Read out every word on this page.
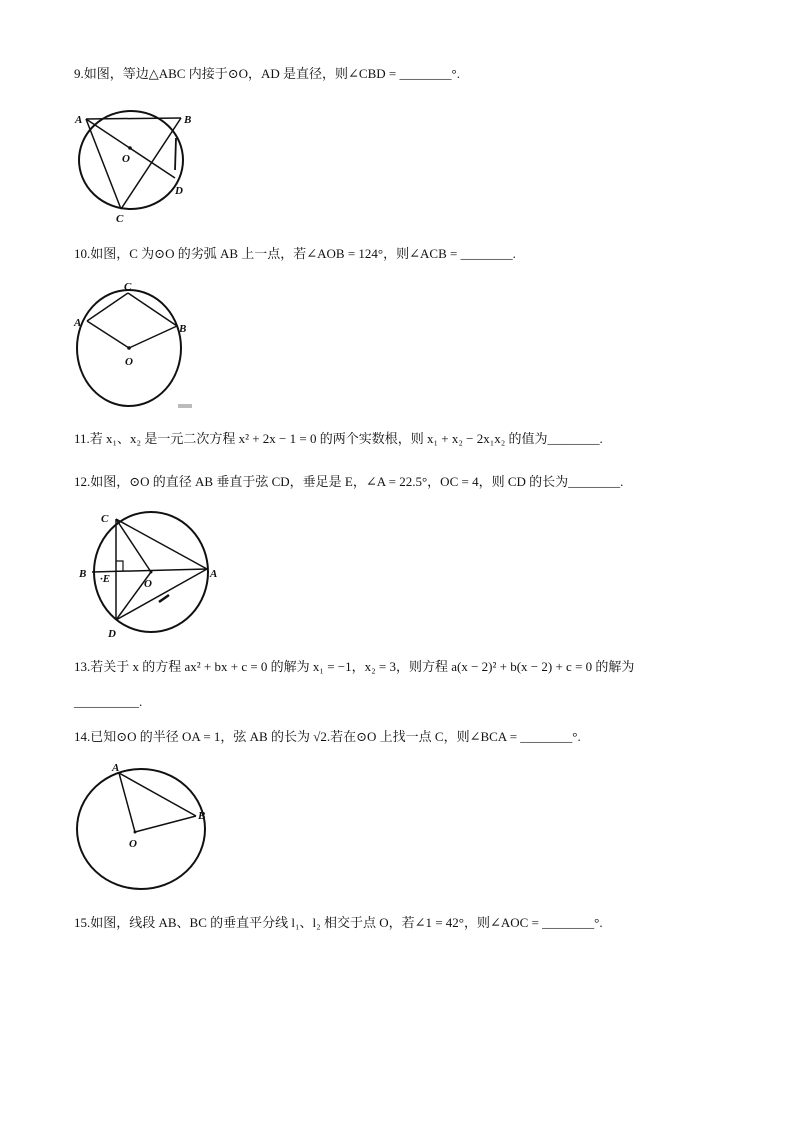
9.如图，等边△ABC 内接于⊙O，AD 是直径，则∠CBD = ________°.
A	B
O
D
C
10.如图，C 为⊙O 的劣弧 AB 上一点，若∠AOB = 124°，则∠ACB = ________.
C
A	B
O
11.若 x₁、x₂ 是一元二次方程 x² + 2x − 1 = 0 的两个实数根，则 x₁ + x₂ − 2x₁x₂ 的值为________.
12.如图，⊙O 的直径 AB 垂直于弦 CD，垂足是 E，∠A = 22.5°，OC = 4，则 CD 的长为________.
C
B ·E	O
A
D
13.若关于 x 的方程 ax² + bx + c = 0 的解为 x₁ = −1，x₂ = 3，则方程 a(x − 2)² + b(x − 2) + c = 0 的解为
__________.
14.已知⊙O 的半径 OA = 1，弦 AB 的长为 √2.若在⊙O 上找一点 C，则∠BCA = ________°.
A
B
O
15.如图，线段 AB、BC 的垂直平分线 l₁、l₂ 相交于点 O，若∠1 = 42°，则∠AOC = ________°.
